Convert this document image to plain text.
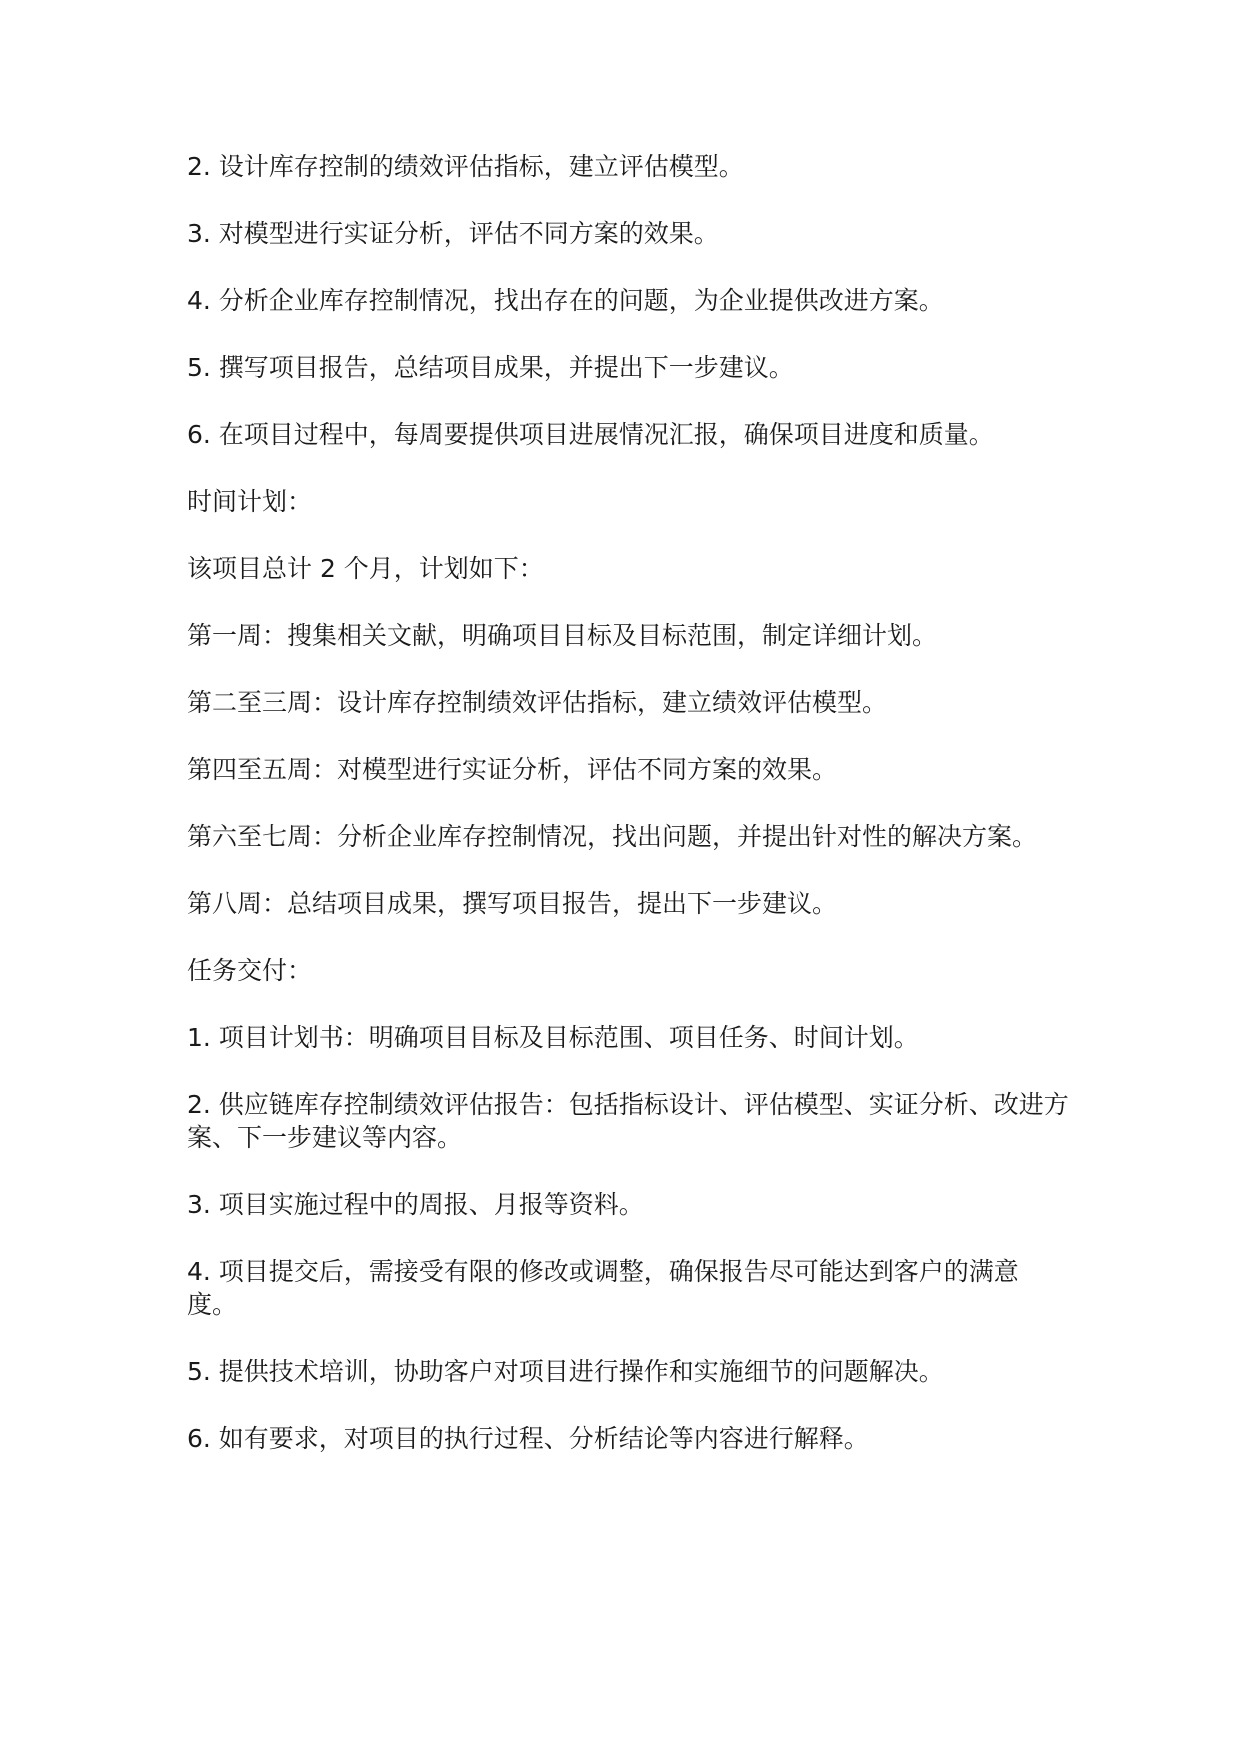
2. 设计库存控制的绩效评估指标，建立评估模型。

3. 对模型进行实证分析，评估不同方案的效果。

4. 分析企业库存控制情况，找出存在的问题，为企业提供改进方案。

5. 撰写项目报告，总结项目成果，并提出下一步建议。

6. 在项目过程中，每周要提供项目进展情况汇报，确保项目进度和质量。

时间计划：

该项目总计 2 个月，计划如下：

第一周：搜集相关文献，明确项目目标及目标范围，制定详细计划。

第二至三周：设计库存控制绩效评估指标，建立绩效评估模型。

第四至五周：对模型进行实证分析，评估不同方案的效果。

第六至七周：分析企业库存控制情况，找出问题，并提出针对性的解决方案。

第八周：总结项目成果，撰写项目报告，提出下一步建议。

任务交付：

1. 项目计划书：明确项目目标及目标范围、项目任务、时间计划。

2. 供应链库存控制绩效评估报告：包括指标设计、评估模型、实证分析、改进方案、下一步建议等内容。

3. 项目实施过程中的周报、月报等资料。

4. 项目提交后，需接受有限的修改或调整，确保报告尽可能达到客户的满意度。

5. 提供技术培训，协助客户对项目进行操作和实施细节的问题解决。

6. 如有要求，对项目的执行过程、分析结论等内容进行解释。
